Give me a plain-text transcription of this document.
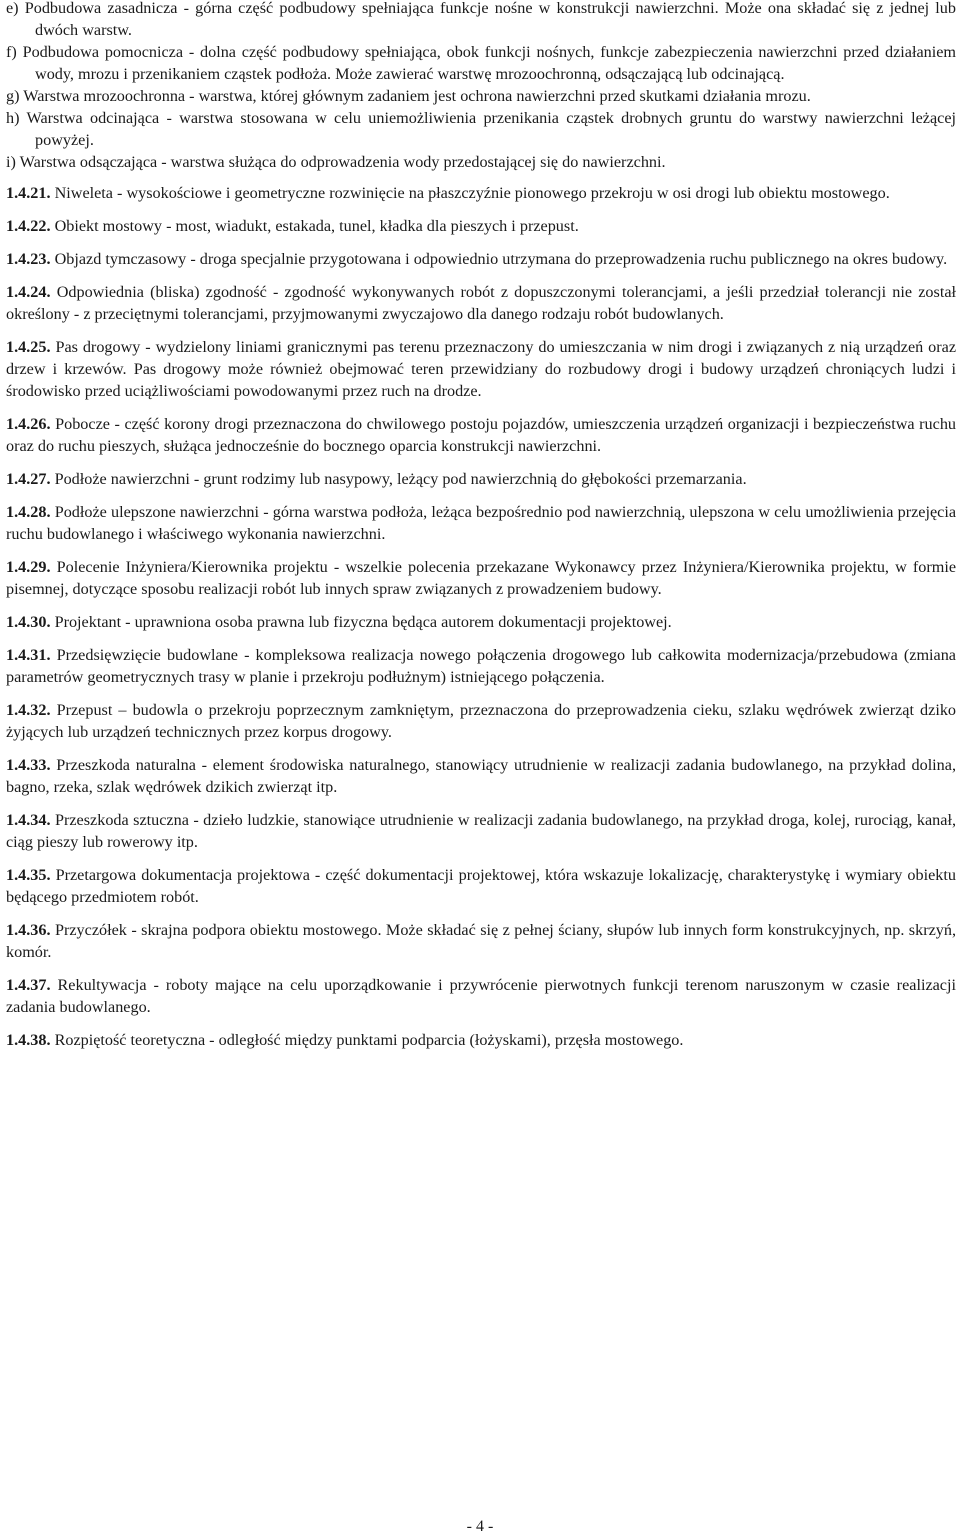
e) Podbudowa zasadnicza - górna część podbudowy spełniająca funkcje nośne w konstrukcji nawierzchni. Może ona składać się z jednej lub dwóch warstw.

f) Podbudowa pomocnicza - dolna część podbudowy spełniająca, obok funkcji nośnych, funkcje zabezpieczenia nawierzchni przed działaniem wody, mrozu i przenikaniem cząstek podłoża. Może zawierać warstwę mrozoochronną, odsączającą lub odcinającą.

g) Warstwa mrozoochronna - warstwa, której głównym zadaniem jest ochrona nawierzchni przed skutkami działania mrozu.

h) Warstwa odcinająca - warstwa stosowana w celu uniemożliwienia przenikania cząstek drobnych gruntu do warstwy nawierzchni leżącej powyżej.

i) Warstwa odsączająca - warstwa służąca do odprowadzenia wody przedostającej się do nawierzchni.

1.4.21. Niweleta - wysokościowe i geometryczne rozwinięcie na płaszczyźnie pionowego przekroju w osi drogi lub obiektu mostowego.

1.4.22. Obiekt mostowy - most, wiadukt, estakada, tunel, kładka dla pieszych i przepust.

1.4.23. Objazd tymczasowy - droga specjalnie przygotowana i odpowiednio utrzymana do przeprowadzenia ruchu publicznego na okres budowy.

1.4.24. Odpowiednia (bliska) zgodność - zgodność wykonywanych robót z dopuszczonymi tolerancjami, a jeśli przedział tolerancji nie został określony - z przeciętnymi tolerancjami, przyjmowanymi zwyczajowo dla danego rodzaju robót budowlanych.

1.4.25. Pas drogowy - wydzielony liniami granicznymi pas terenu przeznaczony do umieszczania w nim drogi i związanych z nią urządzeń oraz drzew i krzewów. Pas drogowy może również obejmować teren przewidziany do rozbudowy drogi i budowy urządzeń chroniących ludzi i środowisko przed uciążliwościami powodowanymi przez ruch na drodze.

1.4.26. Pobocze - część korony drogi przeznaczona do chwilowego postoju pojazdów, umieszczenia urządzeń organizacji i bezpieczeństwa ruchu oraz do ruchu pieszych, służąca jednocześnie do bocznego oparcia konstrukcji nawierzchni.

1.4.27. Podłoże nawierzchni - grunt rodzimy lub nasypowy, leżący pod nawierzchnią do głębokości przemarzania.

1.4.28. Podłoże ulepszone nawierzchni - górna warstwa podłoża, leżąca bezpośrednio pod nawierzchnią, ulepszona w celu umożliwienia przejęcia ruchu budowlanego i właściwego wykonania nawierzchni.

1.4.29. Polecenie Inżyniera/Kierownika projektu - wszelkie polecenia przekazane Wykonawcy przez Inżyniera/Kierownika projektu, w formie pisemnej, dotyczące sposobu realizacji robót lub innych spraw związanych z prowadzeniem budowy.

1.4.30. Projektant - uprawniona osoba prawna lub fizyczna będąca autorem dokumentacji projektowej.

1.4.31. Przedsięwzięcie budowlane - kompleksowa realizacja nowego połączenia drogowego lub całkowita modernizacja/przebudowa (zmiana parametrów geometrycznych trasy w planie i przekroju podłużnym) istniejącego połączenia.

1.4.32. Przepust – budowla o przekroju poprzecznym zamkniętym, przeznaczona do przeprowadzenia cieku, szlaku wędrówek zwierząt dziko żyjących lub urządzeń technicznych przez korpus drogowy.

1.4.33. Przeszkoda naturalna - element środowiska naturalnego, stanowiący utrudnienie w realizacji zadania budowlanego, na przykład dolina, bagno, rzeka, szlak wędrówek dzikich zwierząt itp.

1.4.34. Przeszkoda sztuczna - dzieło ludzkie, stanowiące utrudnienie w realizacji zadania budowlanego, na przykład droga, kolej, rurociąg, kanał, ciąg pieszy lub rowerowy itp.

1.4.35. Przetargowa dokumentacja projektowa - część dokumentacji projektowej, która wskazuje lokalizację, charakterystykę i wymiary obiektu będącego przedmiotem robót.

1.4.36. Przyczółek - skrajna podpora obiektu mostowego. Może składać się z pełnej ściany, słupów lub innych form konstrukcyjnych, np. skrzyń, komór.

1.4.37. Rekultywacja - roboty mające na celu uporządkowanie i przywrócenie pierwotnych funkcji terenom naruszonym w czasie realizacji zadania budowlanego.

1.4.38. Rozpiętość teoretyczna - odległość między punktami podparcia (łożyskami), przęsła mostowego.

- 4 -
